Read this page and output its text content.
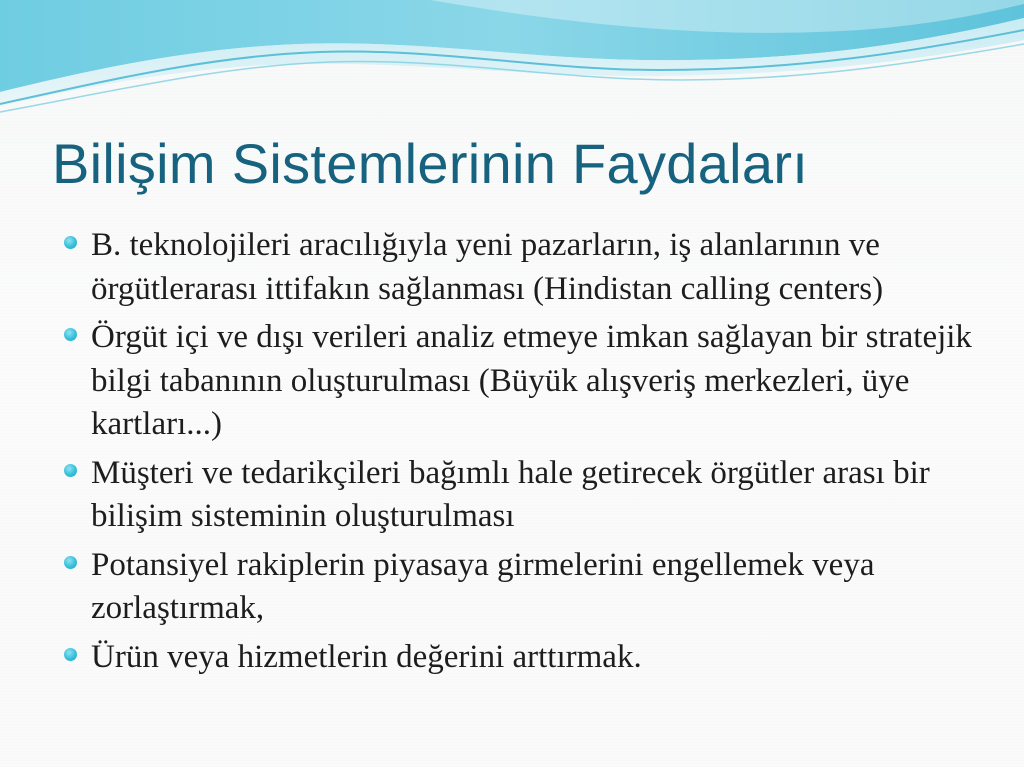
Bilişim Sistemlerinin Faydaları
B. teknolojileri aracılığıyla yeni pazarların, iş alanlarının ve örgütlerarası ittifakın sağlanması (Hindistan calling centers)
Örgüt içi ve dışı verileri analiz etmeye imkan sağlayan bir stratejik bilgi tabanının oluşturulması (Büyük alışveriş merkezleri, üye kartları...)
Müşteri ve tedarikçileri bağımlı hale getirecek örgütler arası bir bilişim sisteminin oluşturulması
Potansiyel rakiplerin piyasaya girmelerini engellemek veya zorlaştırmak,
Ürün veya hizmetlerin değerini arttırmak.
